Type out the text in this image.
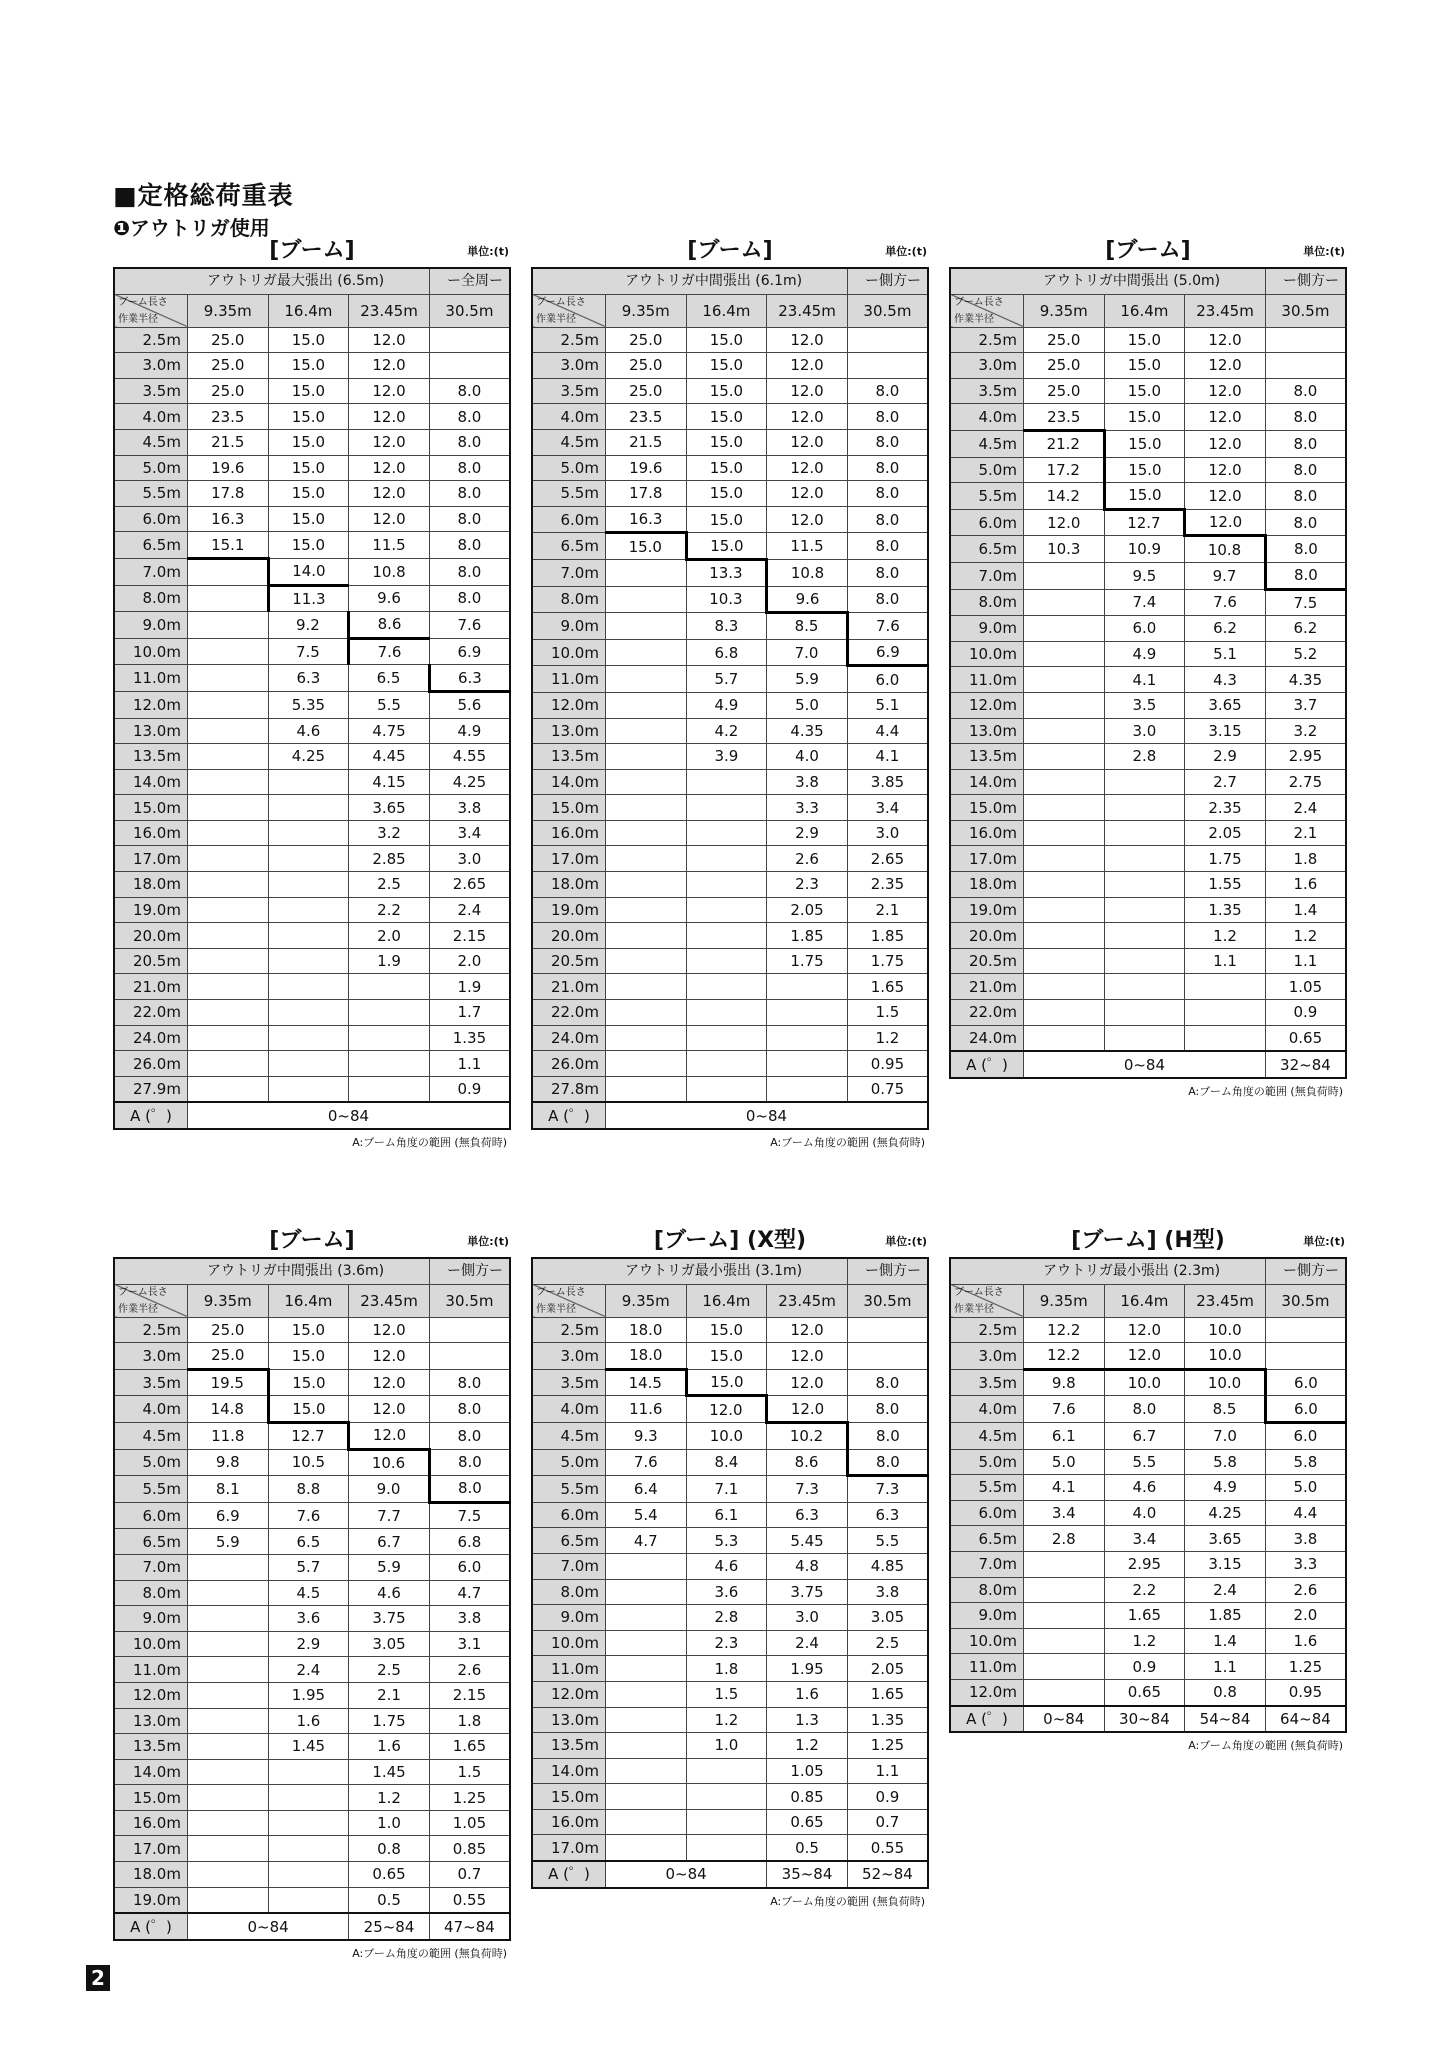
■定格総荷重表
❶アウトリガ使用
[ブーム]	単位:(t)
アウトリガ最大張出 (6.5m)				ー全周ー

ブーム長さ
作業半径	9.35m	16.4m	23.45m	30.5m
2.5m	25.0	15.0	12.0	
3.0m	25.0	15.0	12.0	
3.5m	25.0	15.0	12.0	8.0
4.0m	23.5	15.0	12.0	8.0
4.5m	21.5	15.0	12.0	8.0
5.0m	19.6	15.0	12.0	8.0
5.5m	17.8	15.0	12.0	8.0
6.0m	16.3	15.0	12.0	8.0
6.5m	15.1	15.0	11.5	8.0
7.0m		14.0	10.8	8.0
8.0m		11.3	9.6	8.0
9.0m		9.2	8.6	7.6
10.0m		7.5	7.6	6.9
11.0m		6.3	6.5	6.3
12.0m		5.35	5.5	5.6
13.0m		4.6	4.75	4.9
13.5m		4.25	4.45	4.55
14.0m			4.15	4.25
15.0m			3.65	3.8
16.0m			3.2	3.4
17.0m			2.85	3.0
18.0m			2.5	2.65
19.0m			2.2	2.4
20.0m			2.0	2.15
20.5m			1.9	2.0
21.0m				1.9
22.0m				1.7
24.0m				1.35
26.0m				1.1
27.9m				0.9
A (゜)	0~84			
A:ブーム角度の範囲 (無負荷時)
[ブーム]	単位:(t)
アウトリガ中間張出 (6.1m)				ー側方ー

ブーム長さ
作業半径	9.35m	16.4m	23.45m	30.5m
2.5m	25.0	15.0	12.0	
3.0m	25.0	15.0	12.0	
3.5m	25.0	15.0	12.0	8.0
4.0m	23.5	15.0	12.0	8.0
4.5m	21.5	15.0	12.0	8.0
5.0m	19.6	15.0	12.0	8.0
5.5m	17.8	15.0	12.0	8.0
6.0m	16.3	15.0	12.0	8.0
6.5m	15.0	15.0	11.5	8.0
7.0m		13.3	10.8	8.0
8.0m		10.3	9.6	8.0
9.0m		8.3	8.5	7.6
10.0m		6.8	7.0	6.9
11.0m		5.7	5.9	6.0
12.0m		4.9	5.0	5.1
13.0m		4.2	4.35	4.4
13.5m		3.9	4.0	4.1
14.0m			3.8	3.85
15.0m			3.3	3.4
16.0m			2.9	3.0
17.0m			2.6	2.65
18.0m			2.3	2.35
19.0m			2.05	2.1
20.0m			1.85	1.85
20.5m			1.75	1.75
21.0m				1.65
22.0m				1.5
24.0m				1.2
26.0m				0.95
27.8m				0.75
A (゜)	0~84			
A:ブーム角度の範囲 (無負荷時)
[ブーム]	単位:(t)
アウトリガ中間張出 (5.0m)				ー側方ー

ブーム長さ
作業半径	9.35m	16.4m	23.45m	30.5m
2.5m	25.0	15.0	12.0	
3.0m	25.0	15.0	12.0	
3.5m	25.0	15.0	12.0	8.0
4.0m	23.5	15.0	12.0	8.0
4.5m	21.2	15.0	12.0	8.0
5.0m	17.2	15.0	12.0	8.0
5.5m	14.2	15.0	12.0	8.0
6.0m	12.0	12.7	12.0	8.0
6.5m	10.3	10.9	10.8	8.0
7.0m		9.5	9.7	8.0
8.0m		7.4	7.6	7.5
9.0m		6.0	6.2	6.2
10.0m		4.9	5.1	5.2
11.0m		4.1	4.3	4.35
12.0m		3.5	3.65	3.7
13.0m		3.0	3.15	3.2
13.5m		2.8	2.9	2.95
14.0m			2.7	2.75
15.0m			2.35	2.4
16.0m			2.05	2.1
17.0m			1.75	1.8
18.0m			1.55	1.6
19.0m			1.35	1.4
20.0m			1.2	1.2
20.5m			1.1	1.1
21.0m				1.05
22.0m				0.9
24.0m				0.65
A (゜)	0~84			32~84
A:ブーム角度の範囲 (無負荷時)
[ブーム]	単位:(t)
アウトリガ中間張出 (3.6m)				ー側方ー

ブーム長さ
作業半径	9.35m	16.4m	23.45m	30.5m
2.5m	25.0	15.0	12.0	
3.0m	25.0	15.0	12.0	
3.5m	19.5	15.0	12.0	8.0
4.0m	14.8	15.0	12.0	8.0
4.5m	11.8	12.7	12.0	8.0
5.0m	9.8	10.5	10.6	8.0
5.5m	8.1	8.8	9.0	8.0
6.0m	6.9	7.6	7.7	7.5
6.5m	5.9	6.5	6.7	6.8
7.0m		5.7	5.9	6.0
8.0m		4.5	4.6	4.7
9.0m		3.6	3.75	3.8
10.0m		2.9	3.05	3.1
11.0m		2.4	2.5	2.6
12.0m		1.95	2.1	2.15
13.0m		1.6	1.75	1.8
13.5m		1.45	1.6	1.65
14.0m			1.45	1.5
15.0m			1.2	1.25
16.0m			1.0	1.05
17.0m			0.8	0.85
18.0m			0.65	0.7
19.0m			0.5	0.55
A (゜)	0~84		25~84	47~84
A:ブーム角度の範囲 (無負荷時)
[ブーム] (X型)	単位:(t)
アウトリガ最小張出 (3.1m)				ー側方ー

ブーム長さ
作業半径	9.35m	16.4m	23.45m	30.5m
2.5m	18.0	15.0	12.0	
3.0m	18.0	15.0	12.0	
3.5m	14.5	15.0	12.0	8.0
4.0m	11.6	12.0	12.0	8.0
4.5m	9.3	10.0	10.2	8.0
5.0m	7.6	8.4	8.6	8.0
5.5m	6.4	7.1	7.3	7.3
6.0m	5.4	6.1	6.3	6.3
6.5m	4.7	5.3	5.45	5.5
7.0m		4.6	4.8	4.85
8.0m		3.6	3.75	3.8
9.0m		2.8	3.0	3.05
10.0m		2.3	2.4	2.5
11.0m		1.8	1.95	2.05
12.0m		1.5	1.6	1.65
13.0m		1.2	1.3	1.35
13.5m		1.0	1.2	1.25
14.0m			1.05	1.1
15.0m			0.85	0.9
16.0m			0.65	0.7
17.0m			0.5	0.55
A (゜)	0~84		35~84	52~84
A:ブーム角度の範囲 (無負荷時)
[ブーム] (H型)	単位:(t)
アウトリガ最小張出 (2.3m)				ー側方ー

ブーム長さ
作業半径	9.35m	16.4m	23.45m	30.5m
2.5m	12.2	12.0	10.0	
3.0m	12.2	12.0	10.0	
3.5m	9.8	10.0	10.0	6.0
4.0m	7.6	8.0	8.5	6.0
4.5m	6.1	6.7	7.0	6.0
5.0m	5.0	5.5	5.8	5.8
5.5m	4.1	4.6	4.9	5.0
6.0m	3.4	4.0	4.25	4.4
6.5m	2.8	3.4	3.65	3.8
7.0m		2.95	3.15	3.3
8.0m		2.2	2.4	2.6
9.0m		1.65	1.85	2.0
10.0m		1.2	1.4	1.6
11.0m		0.9	1.1	1.25
12.0m		0.65	0.8	0.95
A (゜)	0~84	30~84	54~84	64~84
A:ブーム角度の範囲 (無負荷時)
2
